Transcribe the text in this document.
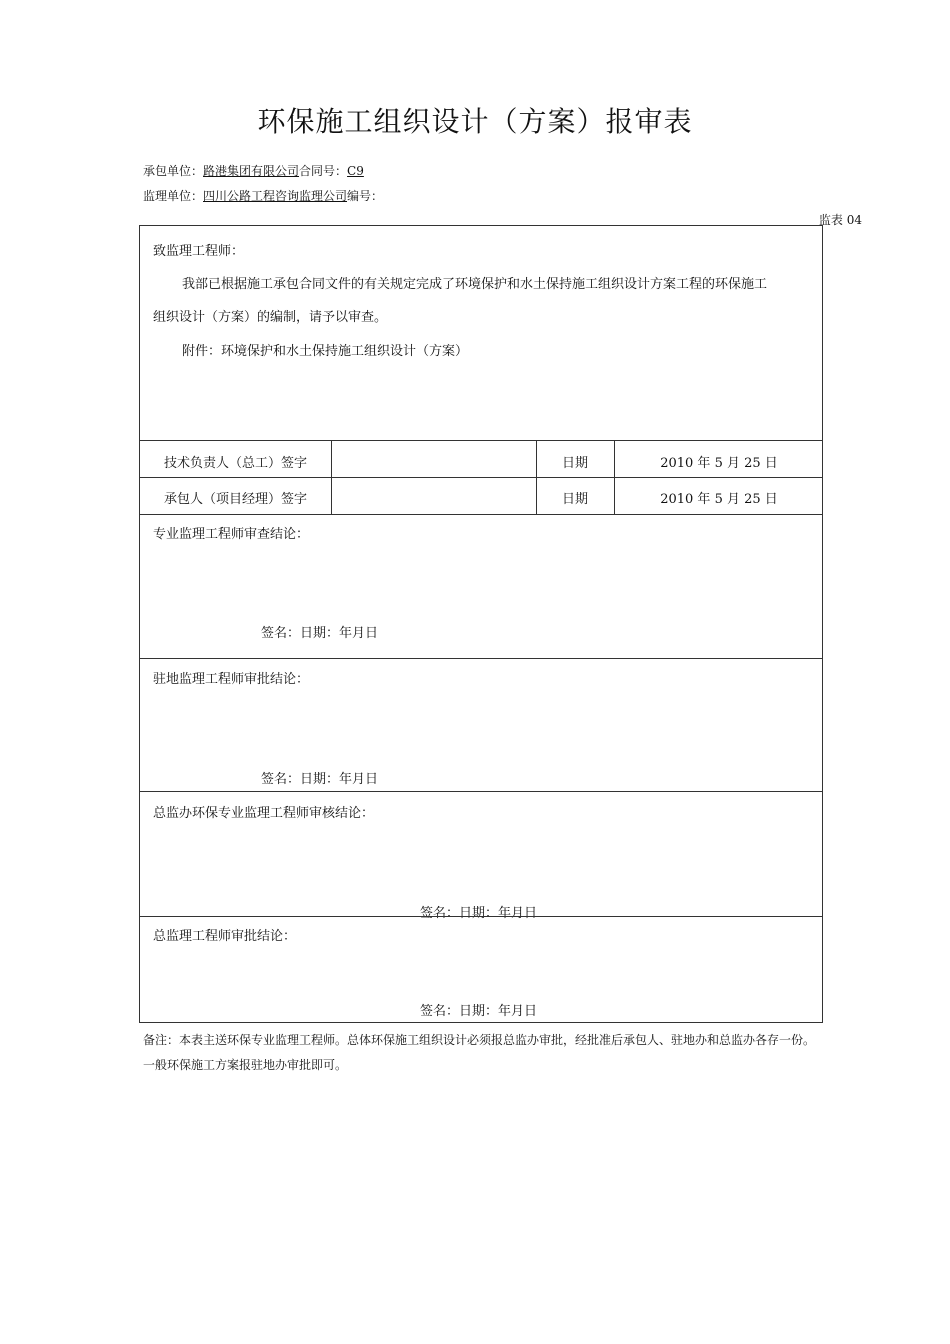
环保施工组织设计（方案）报审表
承包单位：路港集团有限公司合同号：C9
监理单位：四川公路工程咨询监理公司编号：
监表 04
致监理工程师：
我部已根据施工承包合同文件的有关规定完成了环境保护和水土保持施工组织设计方案工程的环保施工
组织设计（方案）的编制，请予以审查。
附件：环境保护和水土保持施工组织设计（方案）
技术负责人（总工）签字	日期	2010 年 5 月 25 日
承包人（项目经理）签字	日期	2010 年 5 月 25 日
专业监理工程师审查结论：
签名：日期：年月日
驻地监理工程师审批结论：
签名：日期：年月日
总监办环保专业监理工程师审核结论：
签名：日期：年月日
总监理工程师审批结论：
签名：日期：年月日
备注：本表主送环保专业监理工程师。总体环保施工组织设计必须报总监办审批，经批准后承包人、驻地办和总监办各存一份。
一般环保施工方案报驻地办审批即可。
